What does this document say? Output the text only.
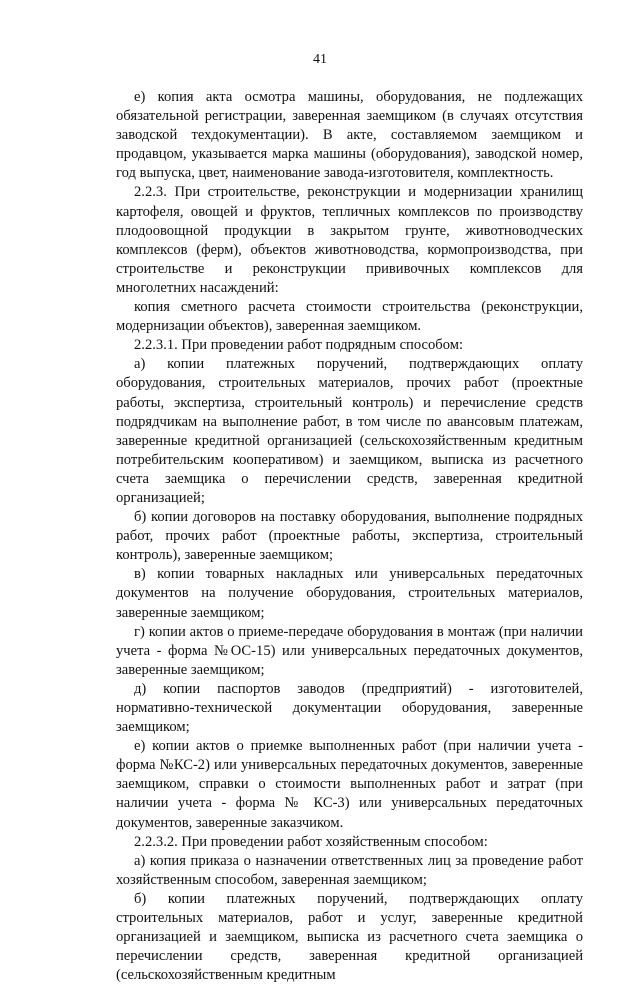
41

е) копия акта осмотра машины, оборудования, не подлежащих обязательной регистрации, заверенная заемщиком (в случаях отсутствия заводской техдокументации). В акте, составляемом заемщиком и продавцом, указывается марка машины (оборудования), заводской номер, год выпуска, цвет, наименование завода-изготовителя, комплектность.

2.2.3. При строительстве, реконструкции и модернизации хранилищ картофеля, овощей и фруктов, тепличных комплексов по производству плодоовощной продукции в закрытом грунте, животноводческих комплексов (ферм), объектов животноводства, кормопроизводства, при строительстве и реконструкции прививочных комплексов для многолетних насаждений:

копия сметного расчета стоимости строительства (реконструкции, модернизации объектов), заверенная заемщиком.

2.2.3.1. При проведении работ подрядным способом:

а) копии платежных поручений, подтверждающих оплату оборудования, строительных материалов, прочих работ (проектные работы, экспертиза, строительный контроль) и перечисление средств подрядчикам на выполнение работ, в том числе по авансовым платежам, заверенные кредитной организацией (сельскохозяйственным кредитным потребительским кооперативом) и заемщиком, выписка из расчетного счета заемщика о перечислении средств, заверенная кредитной организацией;

б) копии договоров на поставку оборудования, выполнение подрядных работ, прочих работ (проектные работы, экспертиза, строительный контроль), заверенные заемщиком;

в) копии товарных накладных или универсальных передаточных документов на получение оборудования, строительных материалов, заверенные заемщиком;

г) копии актов о приеме-передаче оборудования в монтаж (при наличии учета - форма №ОС-15) или универсальных передаточных документов, заверенные заемщиком;

д) копии паспортов заводов (предприятий) - изготовителей, нормативно-технической документации оборудования, заверенные заемщиком;

е) копии актов о приемке выполненных работ (при наличии учета - форма №КС-2) или универсальных передаточных документов, заверенные заемщиком, справки о стоимости выполненных работ и затрат (при наличии учета - форма № КС-3) или универсальных передаточных документов, заверенные заказчиком.

2.2.3.2. При проведении работ хозяйственным способом:

а) копия приказа о назначении ответственных лиц за проведение работ хозяйственным способом, заверенная заемщиком;

б) копии платежных поручений, подтверждающих оплату строительных материалов, работ и услуг, заверенные кредитной организацией и заемщиком, выписка из расчетного счета заемщика о перечислении средств, заверенная кредитной организацией (сельскохозяйственным кредитным
